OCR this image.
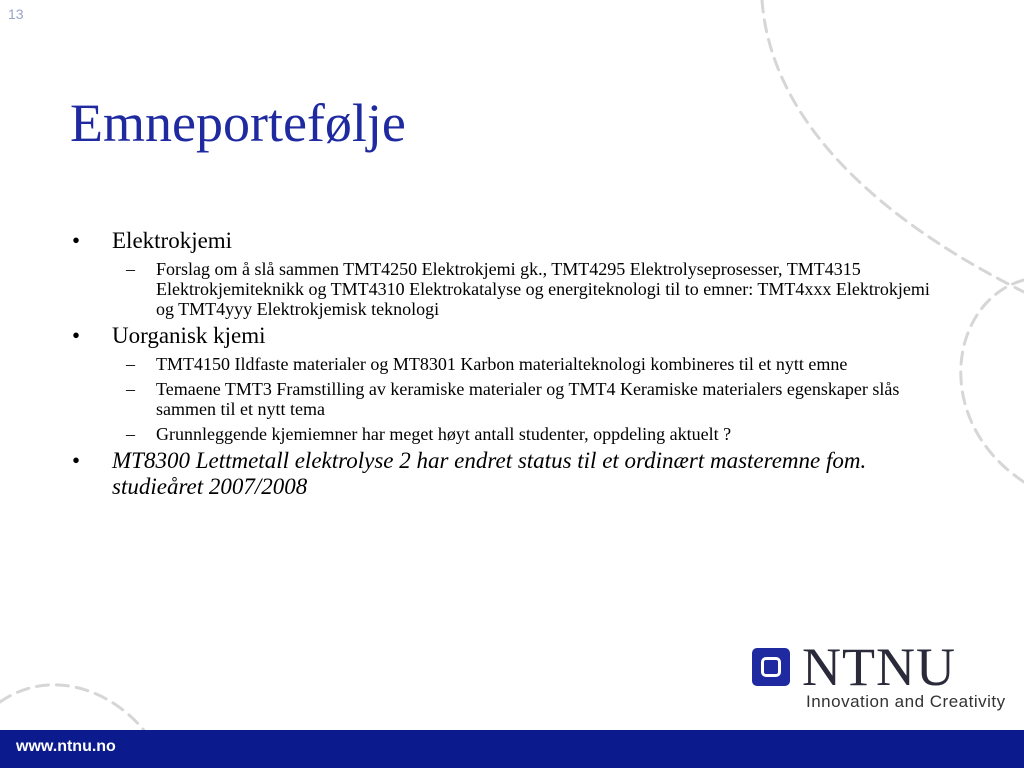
13
Emneportefølje
•	Elektrokjemi
– Forslag om å slå sammen TMT4250 Elektrokjemi gk., TMT4295 Elektrolyseprosesser, TMT4315 Elektrokjemiteknikk og TMT4310 Elektrokatalyse og energiteknologi til to emner: TMT4xxx Elektrokjemi og TMT4yyy Elektrokjemisk teknologi
•	Uorganisk kjemi
– TMT4150 Ildfaste materialer og MT8301 Karbon materialteknologi kombineres til et nytt emne
– Temaene TMT3 Framstilling av keramiske materialer og TMT4 Keramiske materialers egenskaper slås sammen til et nytt tema
– Grunnleggende kjemiemner har meget høyt antall studenter, oppdeling aktuelt ?
•	MT8300 Lettmetall elektrolyse 2 har endret status til et ordinært masteremne fom. studieåret 2007/2008
NTNU
Innovation and Creativity
www.ntnu.no
